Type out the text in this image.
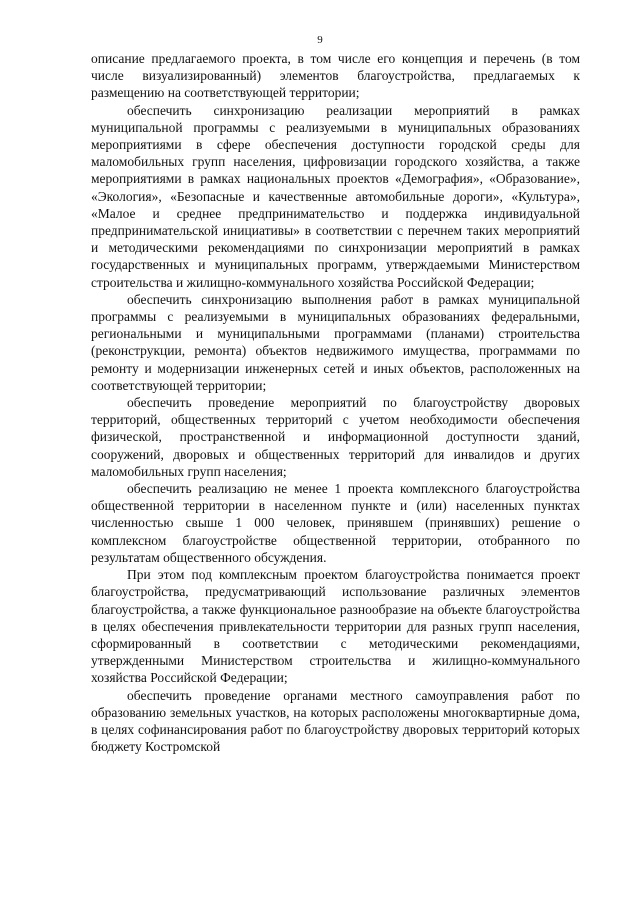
9

описание предлагаемого проекта, в том числе его концепция и перечень (в том числе визуализированный) элементов благоустройства, предлагаемых к размещению на соответствующей территории;

обеспечить синхронизацию реализации мероприятий в рамках муниципальной программы с реализуемыми в муниципальных образованиях мероприятиями в сфере обеспечения доступности городской среды для маломобильных групп населения, цифровизации городского хозяйства, а также мероприятиями в рамках национальных проектов «Демография», «Образование», «Экология», «Безопасные и качественные автомобильные дороги», «Культура», «Малое и среднее предпринимательство и поддержка индивидуальной предпринимательской инициативы» в соответствии с перечнем таких мероприятий и методическими рекомендациями по синхронизации мероприятий в рамках государственных и муниципальных программ, утверждаемыми Министерством строительства и жилищно-коммунального хозяйства Российской Федерации;

обеспечить синхронизацию выполнения работ в рамках муниципальной программы с реализуемыми в муниципальных образованиях федеральными, региональными и муниципальными программами (планами) строительства (реконструкции, ремонта) объектов недвижимого имущества, программами по ремонту и модернизации инженерных сетей и иных объектов, расположенных на соответствующей территории;

обеспечить проведение мероприятий по благоустройству дворовых территорий, общественных территорий с учетом необходимости обеспечения физической, пространственной и информационной доступности зданий, сооружений, дворовых и общественных территорий для инвалидов и других маломобильных групп населения;

обеспечить реализацию не менее 1 проекта комплексного благоустройства общественной территории в населенном пункте и (или) населенных пунктах численностью свыше 1 000 человек, принявшем (принявших) решение о комплексном благоустройстве общественной территории, отобранного по результатам общественного обсуждения.

При этом под комплексным проектом благоустройства понимается проект благоустройства, предусматривающий использование различных элементов благоустройства, а также функциональное разнообразие на объекте благоустройства в целях обеспечения привлекательности территории для разных групп населения, сформированный в соответствии с методическими рекомендациями, утвержденными Министерством строительства и жилищно-коммунального хозяйства Российской Федерации;

обеспечить проведение органами местного самоуправления работ по образованию земельных участков, на которых расположены многоквартирные дома, в целях софинансирования работ по благоустройству дворовых территорий которых бюджету Костромской
